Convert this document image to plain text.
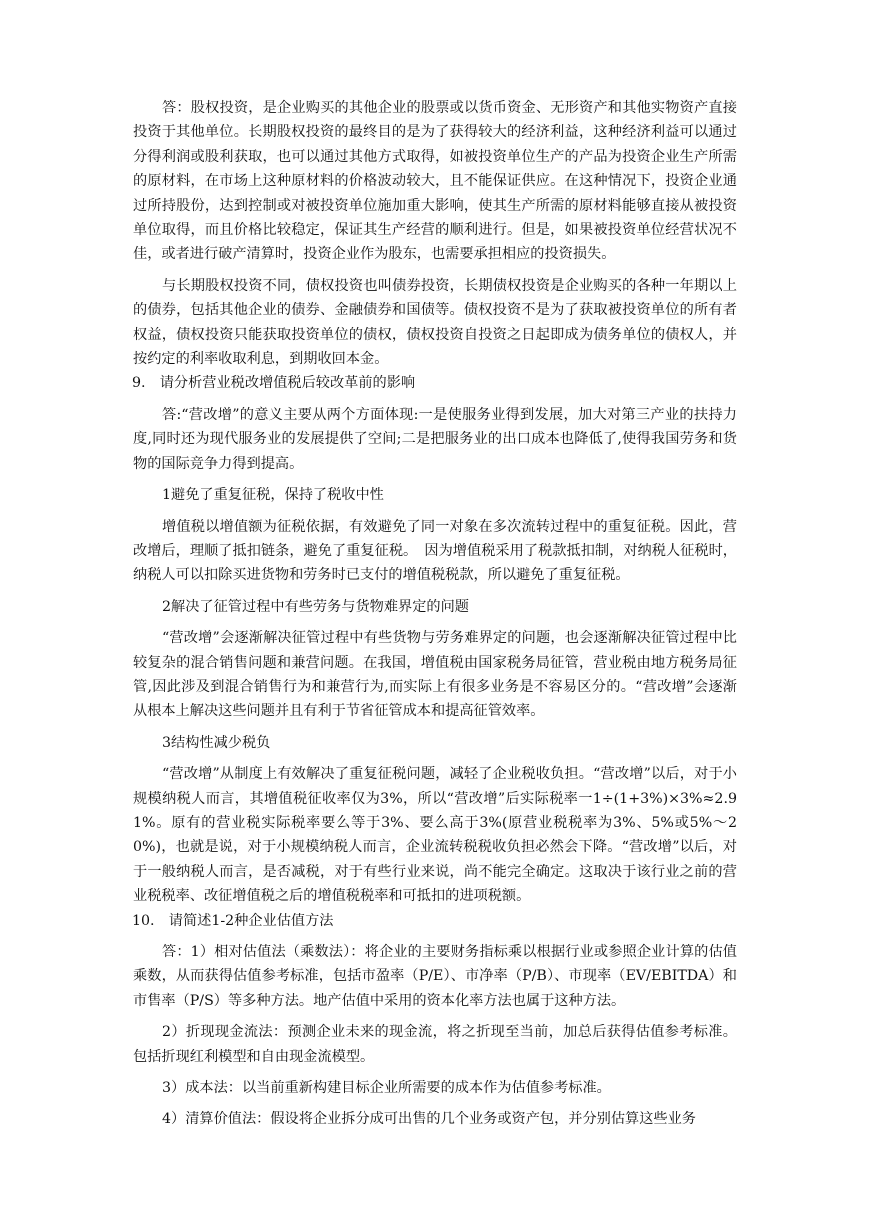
答：股权投资，是企业购买的其他企业的股票或以货币资金、无形资产和其他实物资产直接投资于其他单位。长期股权投资的最终目的是为了获得较大的经济利益，这种经济利益可以通过分得利润或股利获取，也可以通过其他方式取得，如被投资单位生产的产品为投资企业生产所需的原材料，在市场上这种原材料的价格波动较大，且不能保证供应。在这种情况下，投资企业通过所持股份，达到控制或对被投资单位施加重大影响，使其生产所需的原材料能够直接从被投资单位取得，而且价格比较稳定，保证其生产经营的顺利进行。但是，如果被投资单位经营状况不佳，或者进行破产清算时，投资企业作为股东，也需要承担相应的投资损失。

与长期股权投资不同，债权投资也叫债券投资，长期债权投资是企业购买的各种一年期以上的债券，包括其他企业的债券、金融债券和国债等。债权投资不是为了获取被投资单位的所有者权益，债权投资只能获取投资单位的债权，债权投资自投资之日起即成为债务单位的债权人，并按约定的利率收取利息，到期收回本金。

9.　请分析营业税改增值税后较改革前的影响

答:“营改增”的意义主要从两个方面体现:一是使服务业得到发展，加大对第三产业的扶持力度,同时还为现代服务业的发展提供了空间;二是把服务业的出口成本也降低了,使得我国劳务和货物的国际竞争力得到提高。

1避免了重复征税，保持了税收中性

增值税以增值额为征税依据，有效避免了同一对象在多次流转过程中的重复征税。因此，营改增后，理顺了抵扣链条，避免了重复征税。　因为增值税采用了税款抵扣制，对纳税人征税时，纳税人可以扣除买进货物和劳务时已支付的增值税税款，所以避免了重复征税。

2解决了征管过程中有些劳务与货物难界定的问题

“营改增”会逐渐解决征管过程中有些货物与劳务难界定的问题，也会逐渐解决征管过程中比较复杂的混合销售问题和兼营问题。在我国，增值税由国家税务局征管，营业税由地方税务局征管,因此涉及到混合销售行为和兼营行为,而实际上有很多业务是不容易区分的。“营改增”会逐渐从根本上解决这些问题并且有利于节省征管成本和提高征管效率。

3结构性减少税负

“营改增”从制度上有效解决了重复征税问题，减轻了企业税收负担。“营改增”以后，对于小规模纳税人而言，其增值税征收率仅为3%，所以“营改增”后实际税率一1÷(1+3%)×3%≈2.91%。原有的营业税实际税率要么等于3%、要么高于3%(原营业税税率为3%、5%或5%～20%)，也就是说，对于小规模纳税人而言，企业流转税税收负担必然会下降。“营改增”以后，对于一般纳税人而言，是否减税，对于有些行业来说，尚不能完全确定。这取决于该行业之前的营业税税率、改征增值税之后的增值税税率和可抵扣的进项税额。

10.　请简述1-2种企业估值方法

答：1）相对估值法（乘数法）：将企业的主要财务指标乘以根据行业或参照企业计算的估值乘数，从而获得估值参考标准，包括市盈率（P/E）、市净率（P/B）、市现率（EV/EBITDA）和市售率（P/S）等多种方法。地产估值中采用的资本化率方法也属于这种方法。

2）折现现金流法：预测企业未来的现金流，将之折现至当前，加总后获得估值参考标准。包括折现红利模型和自由现金流模型。

3）成本法：以当前重新构建目标企业所需要的成本作为估值参考标准。

4）清算价值法：假设将企业拆分成可出售的几个业务或资产包，并分别估算这些业务
